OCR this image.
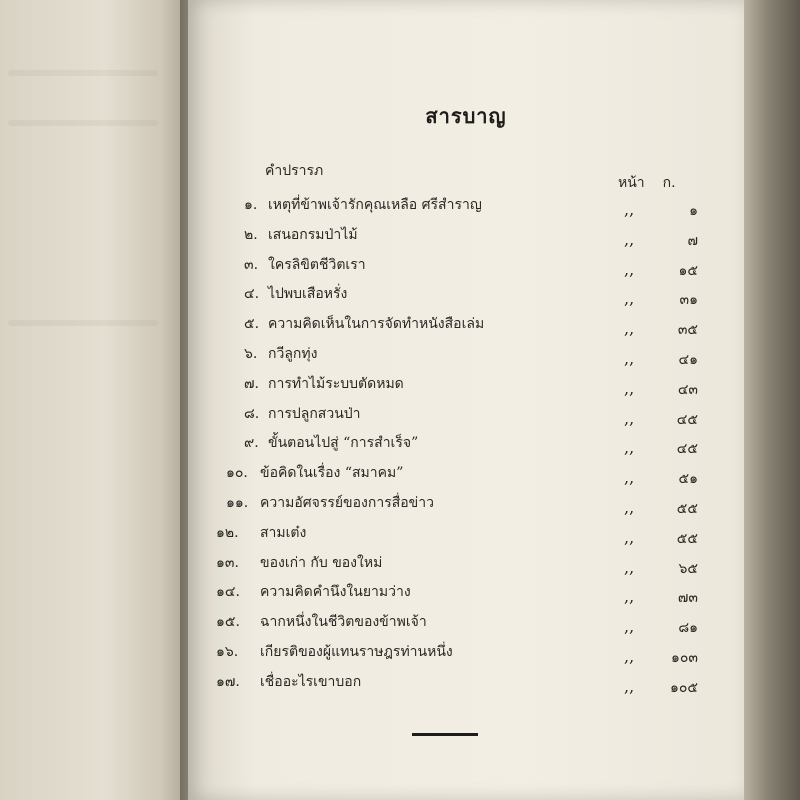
สารบาญ
คำปรารภ
หน้า ก.
๑. เหตุที่ข้าพเจ้ารักคุณเหลือ ศรีสำราญ	,,	๑
๒. เสนอกรมป่าไม้	,,	๗
๓. ใครลิขิตชีวิตเรา	,,	๑๕
๔. ไปพบเสือหรั่ง	,,	๓๑
๕. ความคิดเห็นในการจัดทำหนังสือเล่ม	,,	๓๕
๖. กวีลูกทุ่ง	,,	๔๑
๗. การทำไม้ระบบตัดหมด	,,	๔๓
๘. การปลูกสวนป่า	,,	๔๕
๙. ขั้นตอนไปสู่ “การสำเร็จ”	,,	๔๕
๑๐. ข้อคิดในเรื่อง “สมาคม”	,,	๕๑
๑๑. ความอัศจรรย์ของการสื่อข่าว	,,	๕๕
๑๒. สามเต๋ง	,,	๕๕
๑๓. ของเก่า กับ ของใหม่	,,	๖๕
๑๔. ความคิดคำนึงในยามว่าง	,,	๗๓
๑๕. ฉากหนึ่งในชีวิตของข้าพเจ้า	,,	๘๑
๑๖. เกียรติของผู้แทนราษฎรท่านหนึ่ง	,,	๑๐๓
๑๗. เชื่ออะไรเขาบอก	,,	๑๐๕
